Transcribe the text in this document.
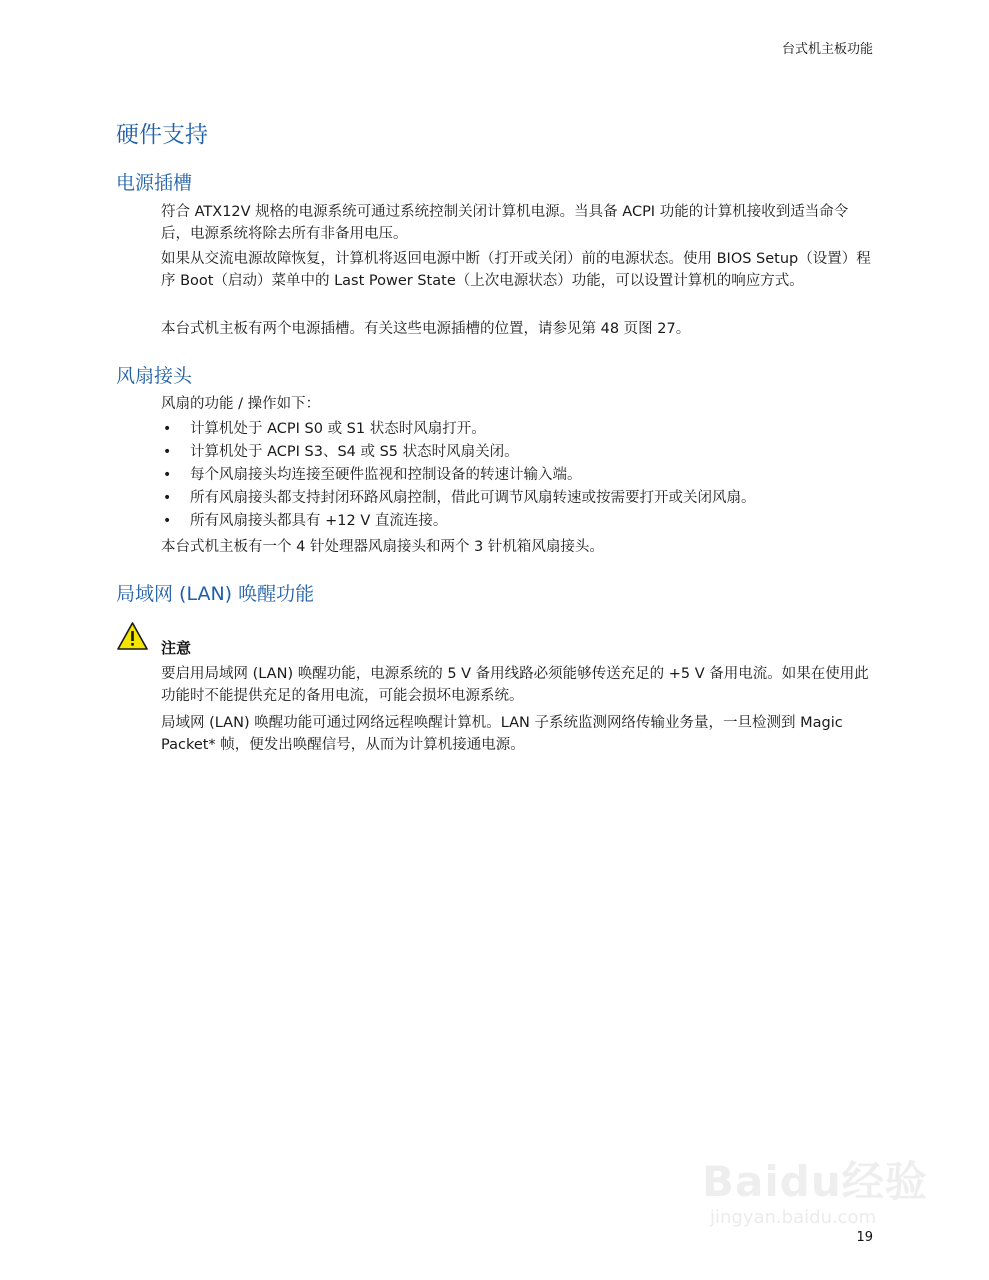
台式机主板功能
硬件支持
电源插槽

符合 ATX12V 规格的电源系统可通过系统控制关闭计算机电源。当具备 ACPI 功能的计算机接收到适当命令后，电源系统将除去所有非备用电压。

如果从交流电源故障恢复，计算机将返回电源中断（打开或关闭）前的电源状态。使用 BIOS Setup（设置）程序 Boot（启动）菜单中的 Last Power State（上次电源状态）功能，可以设置计算机的响应方式。

本台式机主板有两个电源插槽。有关这些电源插槽的位置，请参见第 48 页图 27。

风扇接头

风扇的功能 / 操作如下：

• 计算机处于 ACPI S0 或 S1 状态时风扇打开。
• 计算机处于 ACPI S3、S4 或 S5 状态时风扇关闭。
• 每个风扇接头均连接至硬件监视和控制设备的转速计输入端。
• 所有风扇接头都支持封闭环路风扇控制，借此可调节风扇转速或按需要打开或关闭风扇。
• 所有风扇接头都具有 +12 V 直流连接。

本台式机主板有一个 4 针处理器风扇接头和两个 3 针机箱风扇接头。

局域网 (LAN) 唤醒功能
注意

要启用局域网 (LAN) 唤醒功能，电源系统的 5 V 备用线路必须能够传送充足的 +5 V 备用电流。如果在使用此功能时不能提供充足的备用电流，可能会损坏电源系统。

局域网 (LAN) 唤醒功能可通过网络远程唤醒计算机。LAN 子系统监测网络传输业务量，一旦检测到 Magic Packet* 帧，便发出唤醒信号，从而为计算机接通电源。

Baidu经验
jingyan.baidu.com
19
